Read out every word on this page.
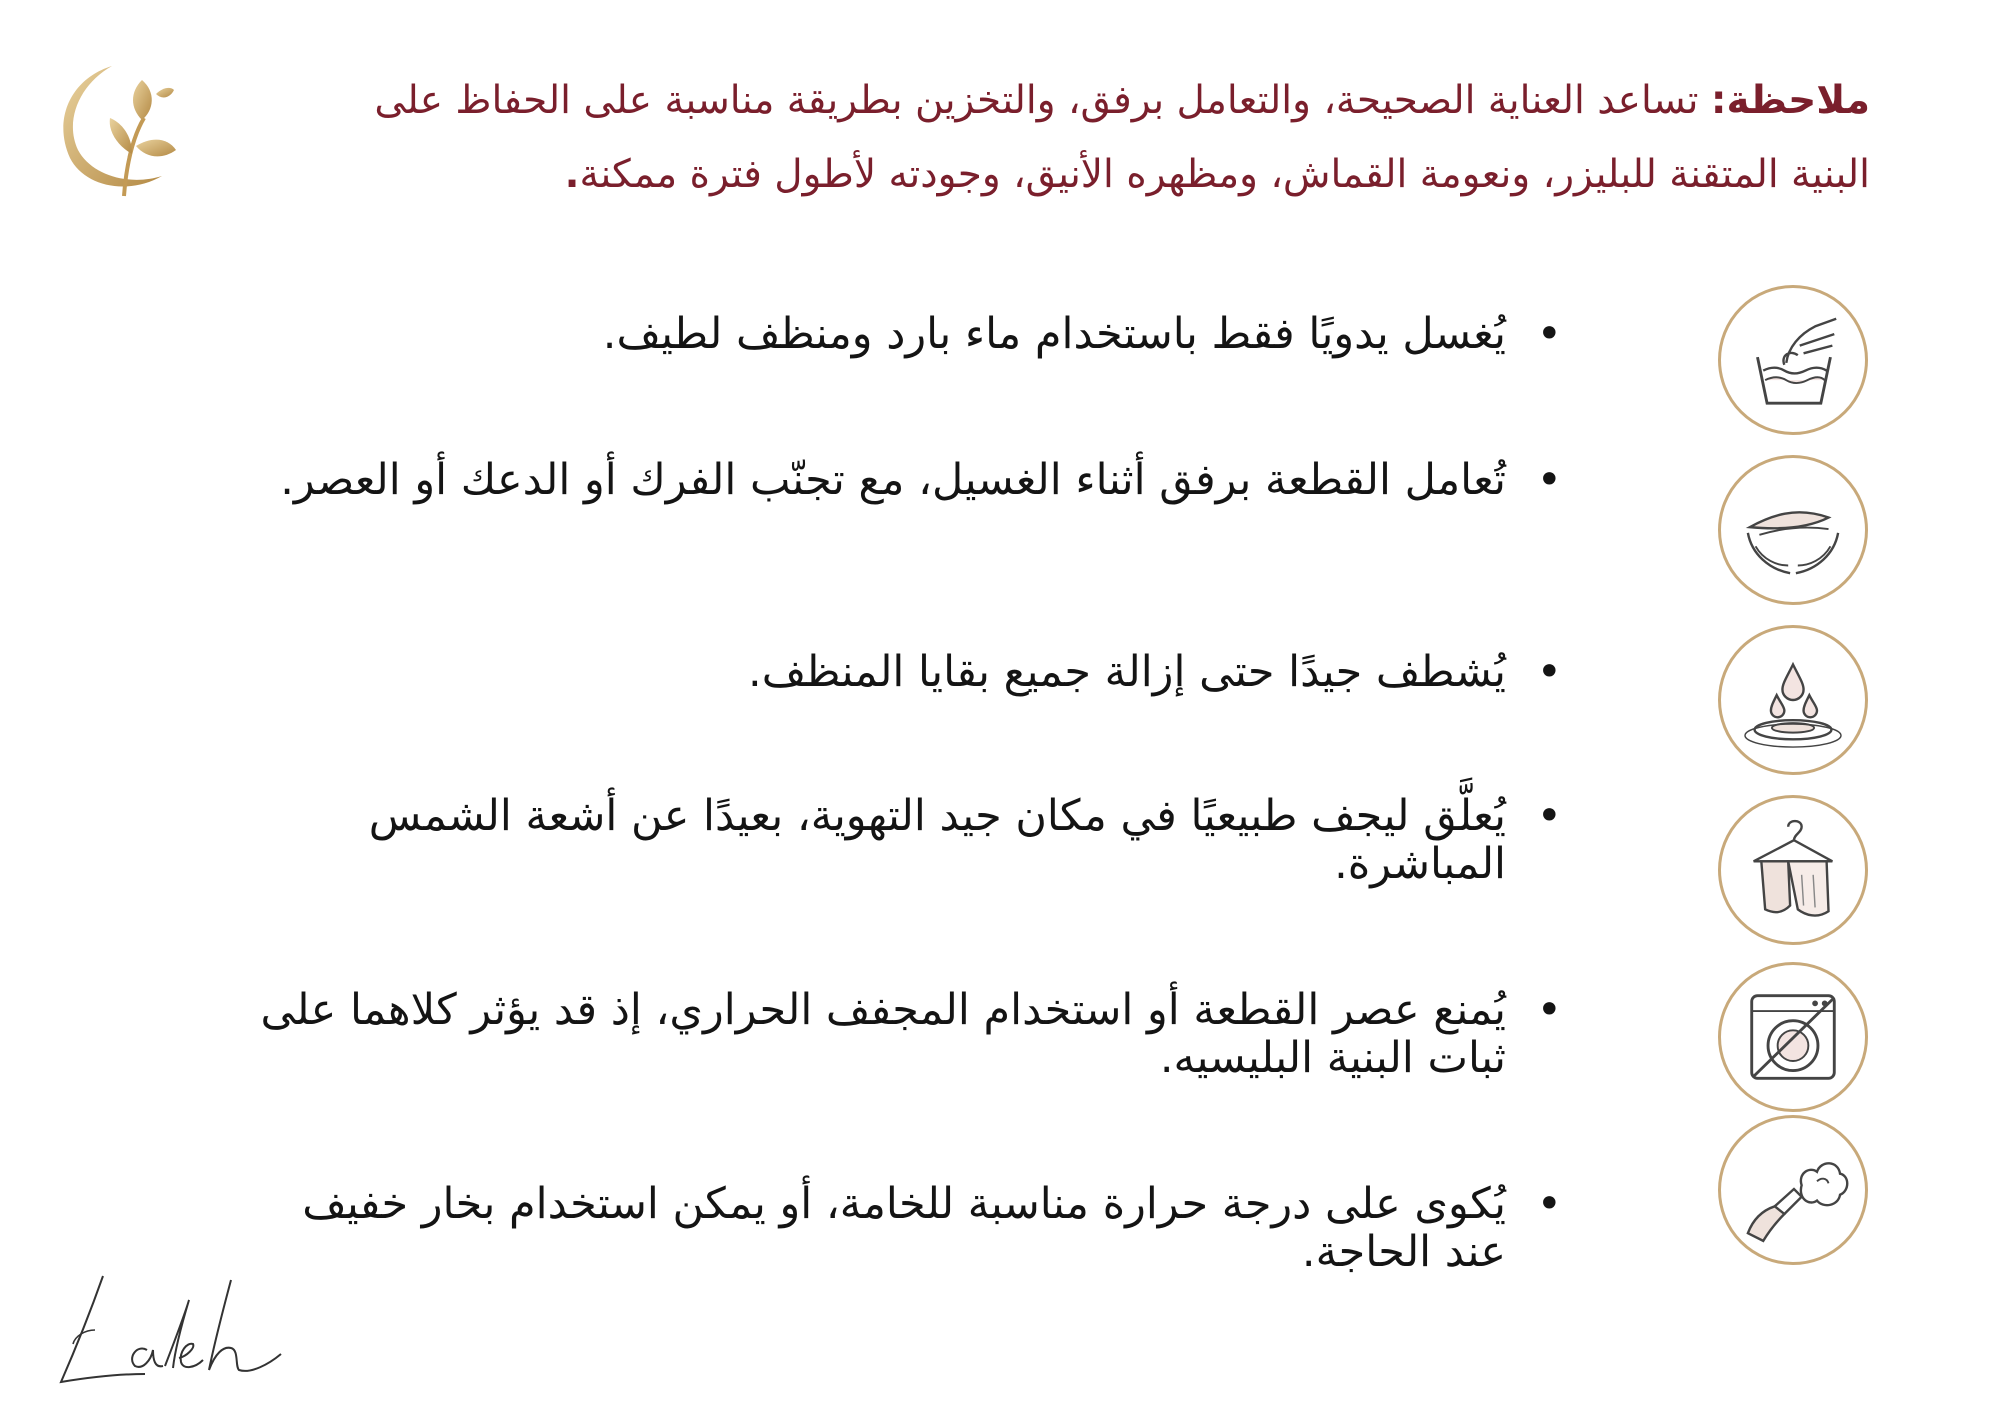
ملاحظة: تساعد العناية الصحيحة، والتعامل برفق، والتخزين بطريقة مناسبة على الحفاظ على البنية المتقنة للبليزر، ونعومة القماش، ومظهره الأنيق، وجودته لأطول فترة ممكنة.
•
يُغسل يدويًا فقط باستخدام ماء بارد ومنظف لطيف.
•
تُعامل القطعة برفق أثناء الغسيل، مع تجنّب الفرك أو الدعك أو العصر.
•
يُشطف جيدًا حتى إزالة جميع بقايا المنظف.
•
يُعلَّق ليجف طبيعيًا في مكان جيد التهوية، بعيدًا عن أشعة الشمس المباشرة.
•
يُمنع عصر القطعة أو استخدام المجفف الحراري، إذ قد يؤثر كلاهما على ثبات البنية البليسيه.
•
يُكوى على درجة حرارة مناسبة للخامة، أو يمكن استخدام بخار خفيف عند الحاجة.
